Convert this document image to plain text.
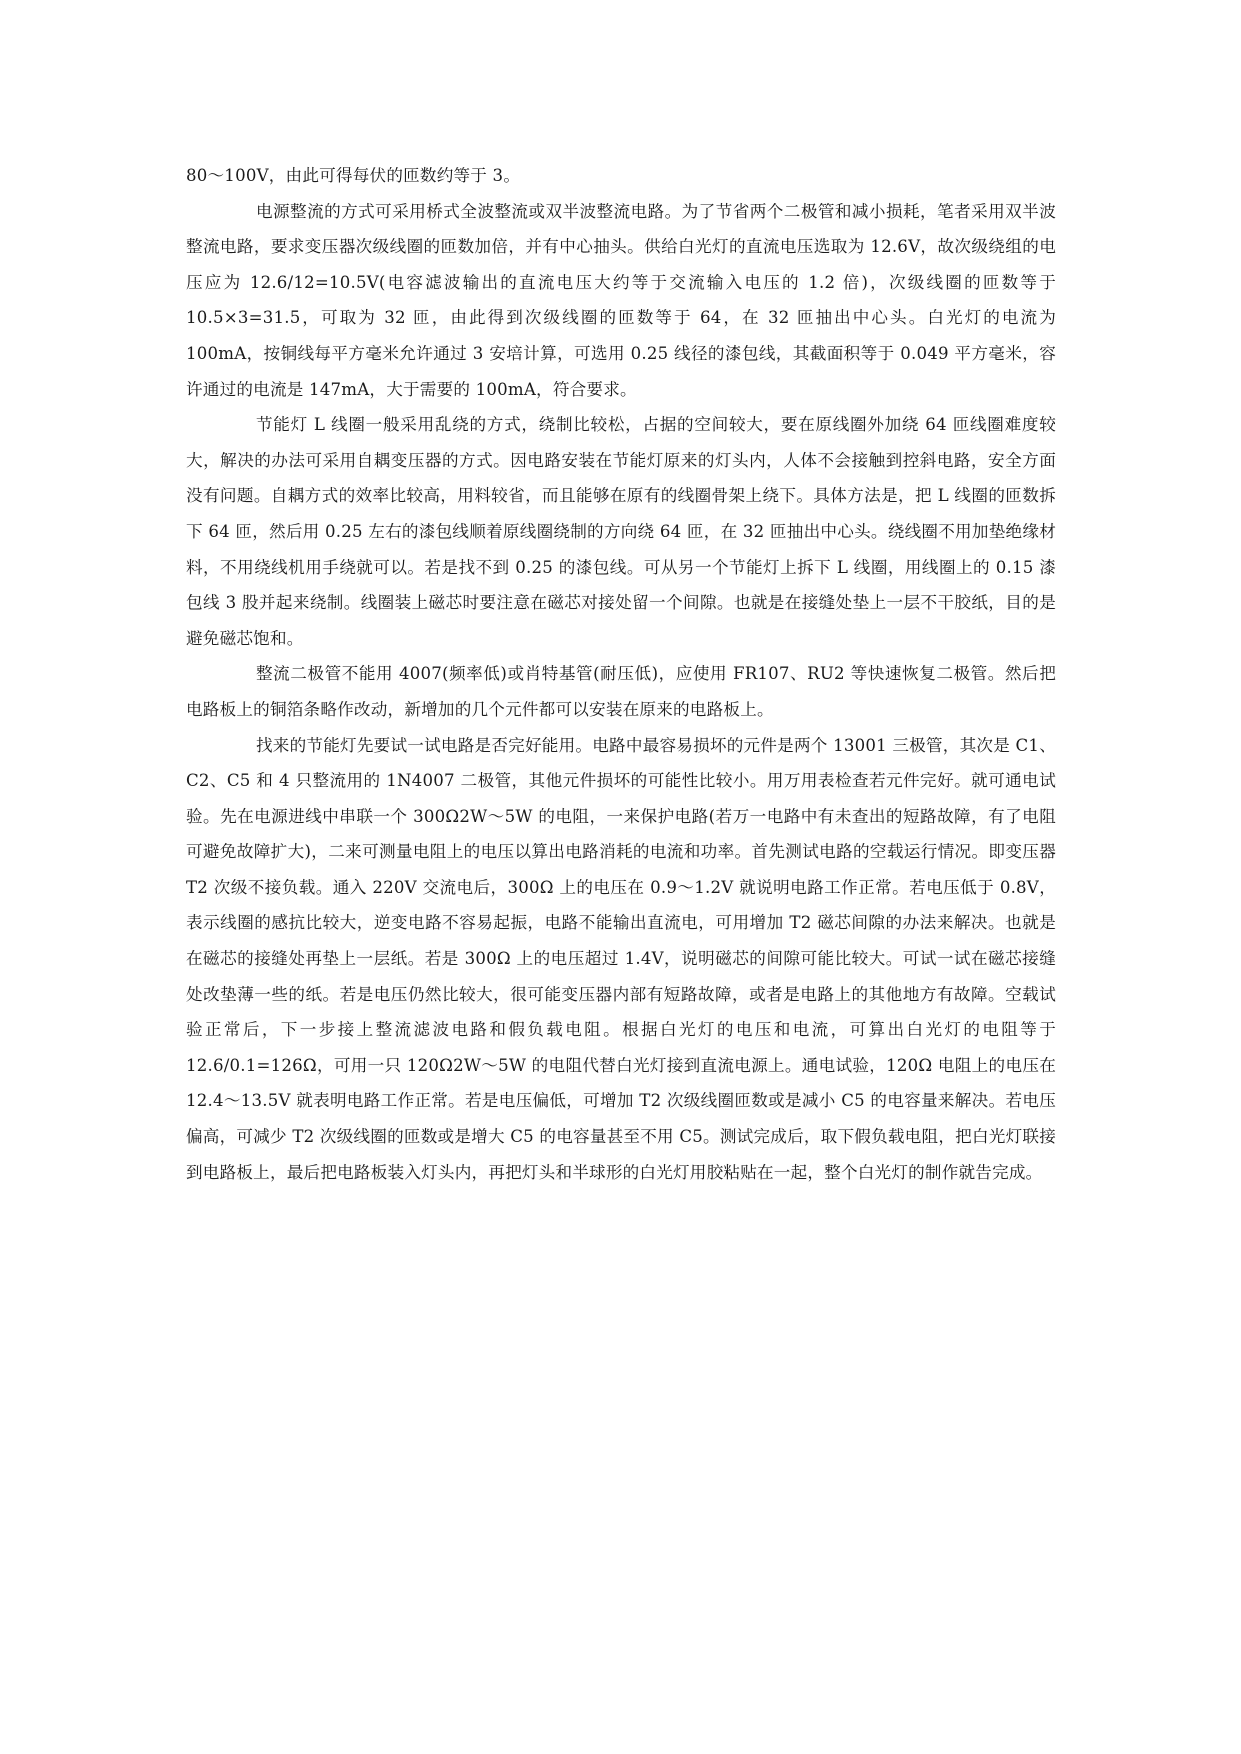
80～100V，由此可得每伏的匝数约等于 3。

电源整流的方式可采用桥式全波整流或双半波整流电路。为了节省两个二极管和减小损耗，笔者采用双半波整流电路，要求变压器次级线圈的匝数加倍，并有中心抽头。供给白光灯的直流电压选取为 12.6V，故次级绕组的电压应为 12.6/12=10.5V(电容滤波输出的直流电压大约等于交流输入电压的 1.2 倍)，次级线圈的匝数等于 10.5×3=31.5，可取为 32 匝，由此得到次级线圈的匝数等于 64，在 32 匝抽出中心头。白光灯的电流为 100mA，按铜线每平方毫米允许通过 3 安培计算，可选用 0.25 线径的漆包线，其截面积等于 0.049 平方毫米，容许通过的电流是 147mA，大于需要的 100mA，符合要求。

节能灯 L 线圈一般采用乱绕的方式，绕制比较松，占据的空间较大，要在原线圈外加绕 64 匝线圈难度较大，解决的办法可采用自耦变压器的方式。因电路安装在节能灯原来的灯头内，人体不会接触到控斜电路，安全方面没有问题。自耦方式的效率比较高，用料较省，而且能够在原有的线圈骨架上绕下。具体方法是，把 L 线圈的匝数拆下 64 匝，然后用 0.25 左右的漆包线顺着原线圈绕制的方向绕 64 匝，在 32 匝抽出中心头。绕线圈不用加垫绝缘材料，不用绕线机用手绕就可以。若是找不到 0.25 的漆包线。可从另一个节能灯上拆下 L 线圈，用线圈上的 0.15 漆包线 3 股并起来绕制。线圈装上磁芯时要注意在磁芯对接处留一个间隙。也就是在接缝处垫上一层不干胶纸，目的是避免磁芯饱和。

整流二极管不能用 4007(频率低)或肖特基管(耐压低)，应使用 FR107、RU2 等快速恢复二极管。然后把电路板上的铜箔条略作改动，新增加的几个元件都可以安装在原来的电路板上。

找来的节能灯先要试一试电路是否完好能用。电路中最容易损坏的元件是两个 13001 三极管，其次是 C1、C2、C5 和 4 只整流用的 1N4007 二极管，其他元件损坏的可能性比较小。用万用表检查若元件完好。就可通电试验。先在电源进线中串联一个 300Ω2W～5W 的电阻，一来保护电路(若万一电路中有未查出的短路故障，有了电阻可避免故障扩大)，二来可测量电阻上的电压以算出电路消耗的电流和功率。首先测试电路的空载运行情况。即变压器 T2 次级不接负载。通入 220V 交流电后，300Ω 上的电压在 0.9～1.2V 就说明电路工作正常。若电压低于 0.8V，表示线圈的感抗比较大，逆变电路不容易起振，电路不能输出直流电，可用增加 T2 磁芯间隙的办法来解决。也就是在磁芯的接缝处再垫上一层纸。若是 300Ω 上的电压超过 1.4V，说明磁芯的间隙可能比较大。可试一试在磁芯接缝处改垫薄一些的纸。若是电压仍然比较大，很可能变压器内部有短路故障，或者是电路上的其他地方有故障。空载试验正常后，下一步接上整流滤波电路和假负载电阻。根据白光灯的电压和电流，可算出白光灯的电阻等于 12.6/0.1=126Ω，可用一只 120Ω2W～5W 的电阻代替白光灯接到直流电源上。通电试验，120Ω 电阻上的电压在 12.4～13.5V 就表明电路工作正常。若是电压偏低，可增加 T2 次级线圈匝数或是减小 C5 的电容量来解决。若电压偏高，可减少 T2 次级线圈的匝数或是增大 C5 的电容量甚至不用 C5。测试完成后，取下假负载电阻，把白光灯联接到电路板上，最后把电路板装入灯头内，再把灯头和半球形的白光灯用胶粘贴在一起，整个白光灯的制作就告完成。
